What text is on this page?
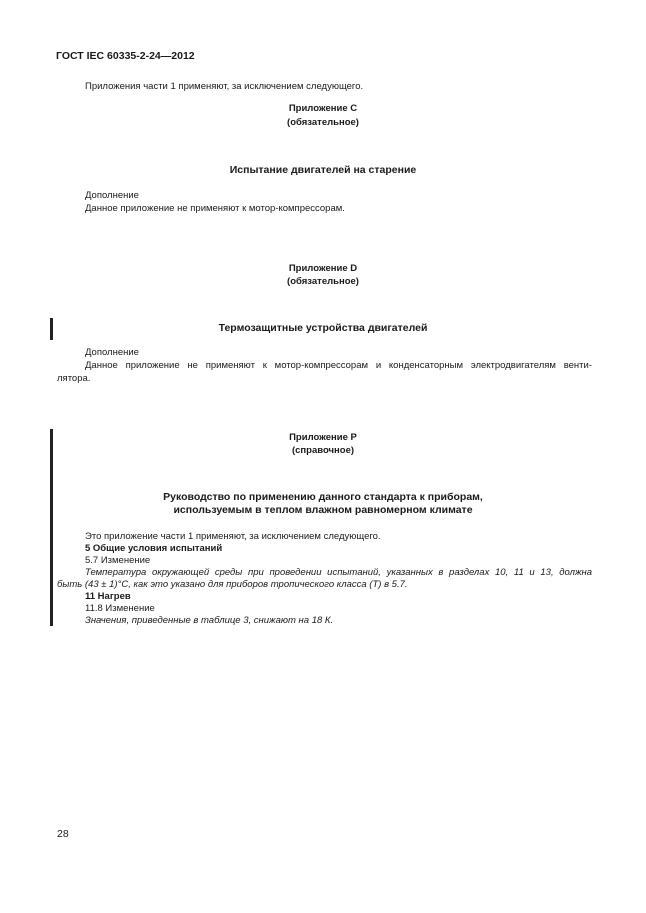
ГОСТ IEC 60335-2-24—2012
Приложения части 1 применяют, за исключением следующего.
Приложение С
(обязательное)
Испытание двигателей на старение
Дополнение
Данное приложение не применяют к мотор-компрессорам.
Приложение D
(обязательное)
Термозащитные устройства двигателей
Дополнение
Данное приложение не применяют к мотор-компрессорам и конденсаторным электродвигателям венти-
лятора.
Приложение Р
(справочное)
Руководство по применению данного стандарта к приборам,
используемым в теплом влажном равномерном климате
Это приложение части 1 применяют, за исключением следующего.
5 Общие условия испытаний
5.7 Изменение
Температура окружающей среды при проведении испытаний, указанных в разделах 10, 11 и 13, должна
быть (43 ± 1)°С, как это указано для приборов тропического класса (Т) в 5.7.
11 Нагрев
11.8 Изменение
Значения, приведенные в таблице 3, снижают на 18 К.
28
